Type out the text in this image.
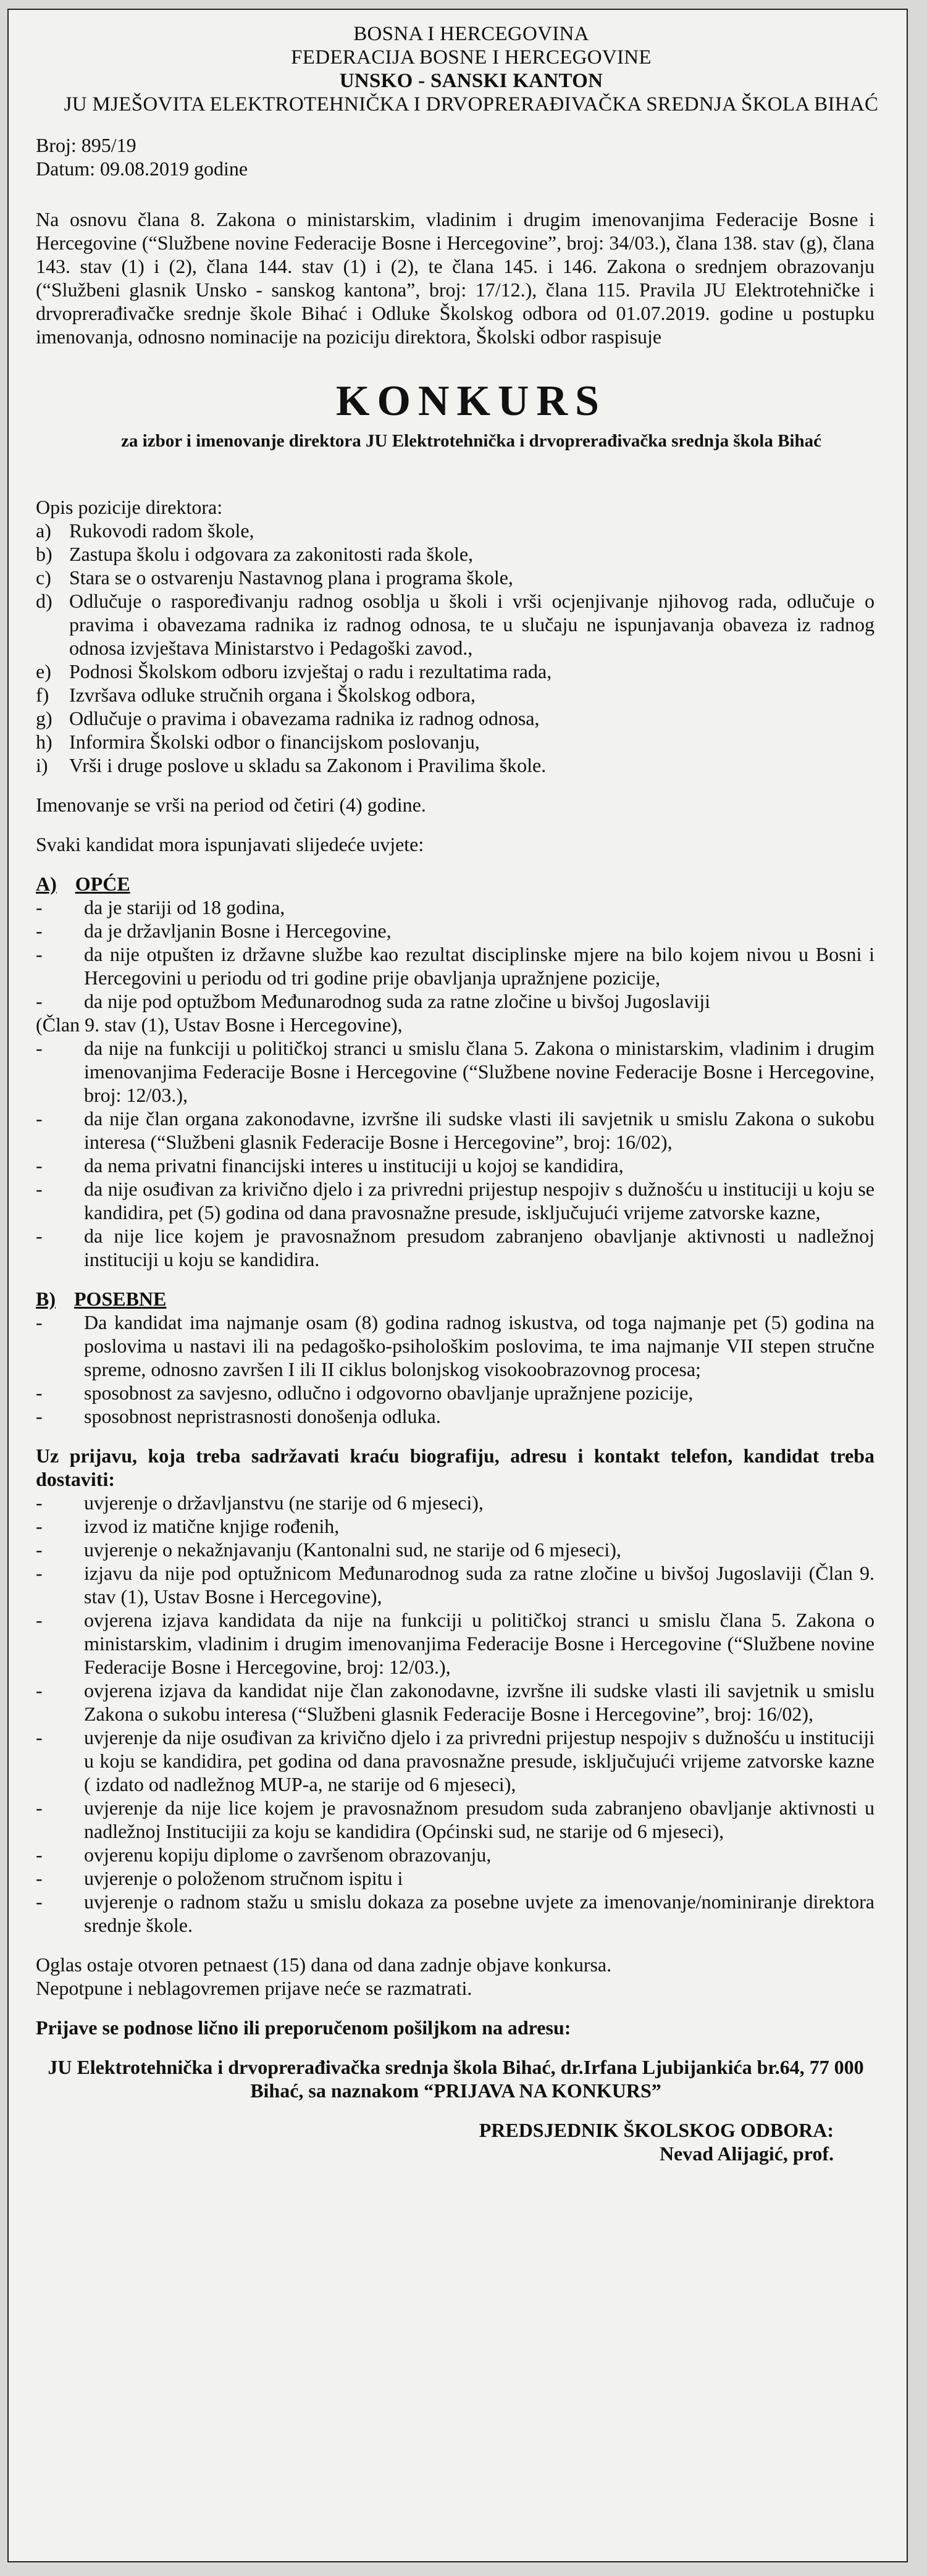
BOSNA I HERCEGOVINA
FEDERACIJA BOSNE I HERCEGOVINE
UNSKO - SANSKI KANTON
JU MJEŠOVITA ELEKTROTEHNIČKA I DRVOPRERAĐIVAČKA SREDNJA ŠKOLA BIHAĆ
Broj: 895/19
Datum: 09.08.2019 godine

Na osnovu člana 8. Zakona o ministarskim, vladinim i drugim imenovanjima Federacije Bosne i Hercegovine (“Službene novine Federacije Bosne i Hercegovine”, broj: 34/03.), člana 138. stav (g), člana 143. stav (1) i (2), člana 144. stav (1) i (2), te člana 145. i 146. Zakona o srednjem obrazovanju (“Službeni glasnik Unsko - sanskog kantona”, broj: 17/12.), člana 115. Pravila JU Elektrotehničke i drvoprerađivačke srednje škole Bihać i Odluke Školskog odbora od 01.07.2019. godine u postupku imenovanja, odnosno nominacije na poziciju direktora, Školski odbor raspisuje

KONKURS
za izbor i imenovanje direktora JU Elektrotehnička i drvoprerađivačka srednja škola Bihać
Opis pozicije direktora:
a) Rukovodi radom škole,
b) Zastupa školu i odgovara za zakonitosti rada škole,
c) Stara se o ostvarenju Nastavnog plana i programa škole,
d) Odlučuje o raspoređivanju radnog osoblja u školi i vrši ocjenjivanje njihovog rada, odlučuje o pravima i obavezama radnika iz radnog odnosa, te u slučaju ne ispunjavanja obaveza iz radnog odnosa izvještava Ministarstvo i Pedagoški zavod.,
e) Podnosi Školskom odboru izvještaj o radu i rezultatima rada,
f)	Izvršava odluke stručnih organa i Školskog odbora,
g) Odlučuje o pravima i obavezama radnika iz radnog odnosa,
h) Informira Školski odbor o financijskom poslovanju,
i)	Vrši i druge poslove u skladu sa Zakonom i Pravilima škole.
Imenovanje se vrši na period od četiri (4) godine.
Svaki kandidat mora ispunjavati slijedeće uvjete:
A) OPĆE
-	da je stariji od 18 godina,
-	da je državljanin Bosne i Hercegovine,
-	da nije otpušten iz državne službe kao rezultat disciplinske mjere na bilo kojem nivou u Bosni i Hercegovini u periodu od tri godine prije obavljanja upražnjene pozicije,
-	da nije pod optužbom Međunarodnog suda za ratne zločine u bivšoj Jugoslaviji
(Član 9. stav (1), Ustav Bosne i Hercegovine),
-	da nije na funkciji u političkoj stranci u smislu člana 5. Zakona o ministarskim, vladinim i drugim imenovanjima Federacije Bosne i Hercegovine (“Službene novine Federacije Bosne i Hercegovine, broj: 12/03.),
-	da nije član organa zakonodavne, izvršne ili sudske vlasti ili savjetnik u smislu Zakona o sukobu interesa (“Službeni glasnik Federacije Bosne i Hercegovine”, broj: 16/02),
-	da nema privatni financijski interes u instituciji u kojoj se kandidira,
-	da nije osuđivan za krivično djelo i za privredni prijestup nespojiv s dužnošću u instituciji u koju se kandidira, pet (5) godina od dana pravosnažne presude, isključujući vrijeme zatvorske kazne,
-	da nije lice kojem je pravosnažnom presudom zabranjeno obavljanje aktivnosti u nadležnoj instituciji u koju se kandidira.
B) POSEBNE
-	Da kandidat ima najmanje osam (8) godina radnog iskustva, od toga najmanje pet (5) godina na poslovima u nastavi ili na pedagoško-psihološkim poslovima, te ima najmanje VII stepen stručne spreme, odnosno završen I ili II ciklus bolonjskog visokoobrazovnog procesa;
-	sposobnost za savjesno, odlučno i odgovorno obavljanje upražnjene pozicije,
-	sposobnost nepristrasnosti donošenja odluka.
Uz prijavu, koja treba sadržavati kraću biografiju, adresu i kontakt telefon, kandidat treba dostaviti:
-	uvjerenje o državljanstvu (ne starije od 6 mjeseci),
-	izvod iz matične knjige rođenih,
-	uvjerenje o nekažnjavanju (Kantonalni sud, ne starije od 6 mjeseci),
-	izjavu da nije pod optužnicom Međunarodnog suda za ratne zločine u bivšoj Jugoslaviji (Član 9. stav (1), Ustav Bosne i Hercegovine),
-	ovjerena izjava kandidata da nije na funkciji u političkoj stranci u smislu člana 5. Zakona o ministarskim, vladinim i drugim imenovanjima Federacije Bosne i Hercegovine (“Službene novine Federacije Bosne i Hercegovine, broj: 12/03.),
-	ovjerena izjava da kandidat nije član zakonodavne, izvršne ili sudske vlasti ili savjetnik u smislu Zakona o sukobu interesa (“Službeni glasnik Federacije Bosne i Hercegovine”, broj: 16/02),
-	uvjerenje da nije osuđivan za krivično djelo i za privredni prijestup nespojiv s dužnošću u instituciji u koju se kandidira, pet godina od dana pravosnažne presude, isključujući vrijeme zatvorske kazne ( izdato od nadležnog MUP-a, ne starije od 6 mjeseci),
-	uvjerenje da nije lice kojem je pravosnažnom presudom suda zabranjeno obavljanje aktivnosti u nadležnoj Institucijii za koju se kandidira (Općinski sud, ne starije od 6 mjeseci),
-	ovjerenu kopiju diplome o završenom obrazovanju,
-	uvjerenje o položenom stručnom ispitu i
-	uvjerenje o radnom stažu u smislu dokaza za posebne uvjete za imenovanje/nominiranje direktora srednje škole.
Oglas ostaje otvoren petnaest (15) dana od dana zadnje objave konkursa.
Nepotpune i neblagovremen prijave neće se razmatrati.
Prijave se podnose lično ili preporučenom pošiljkom na adresu:
JU Elektrotehnička i drvoprerađivačka srednja škola Bihać, dr.Irfana Ljubijankića br.64, 77 000 Bihać, sa naznakom “PRIJAVA NA KONKURS”
PREDSJEDNIK ŠKOLSKOG ODBORA:
Nevad Alijagić, prof.
